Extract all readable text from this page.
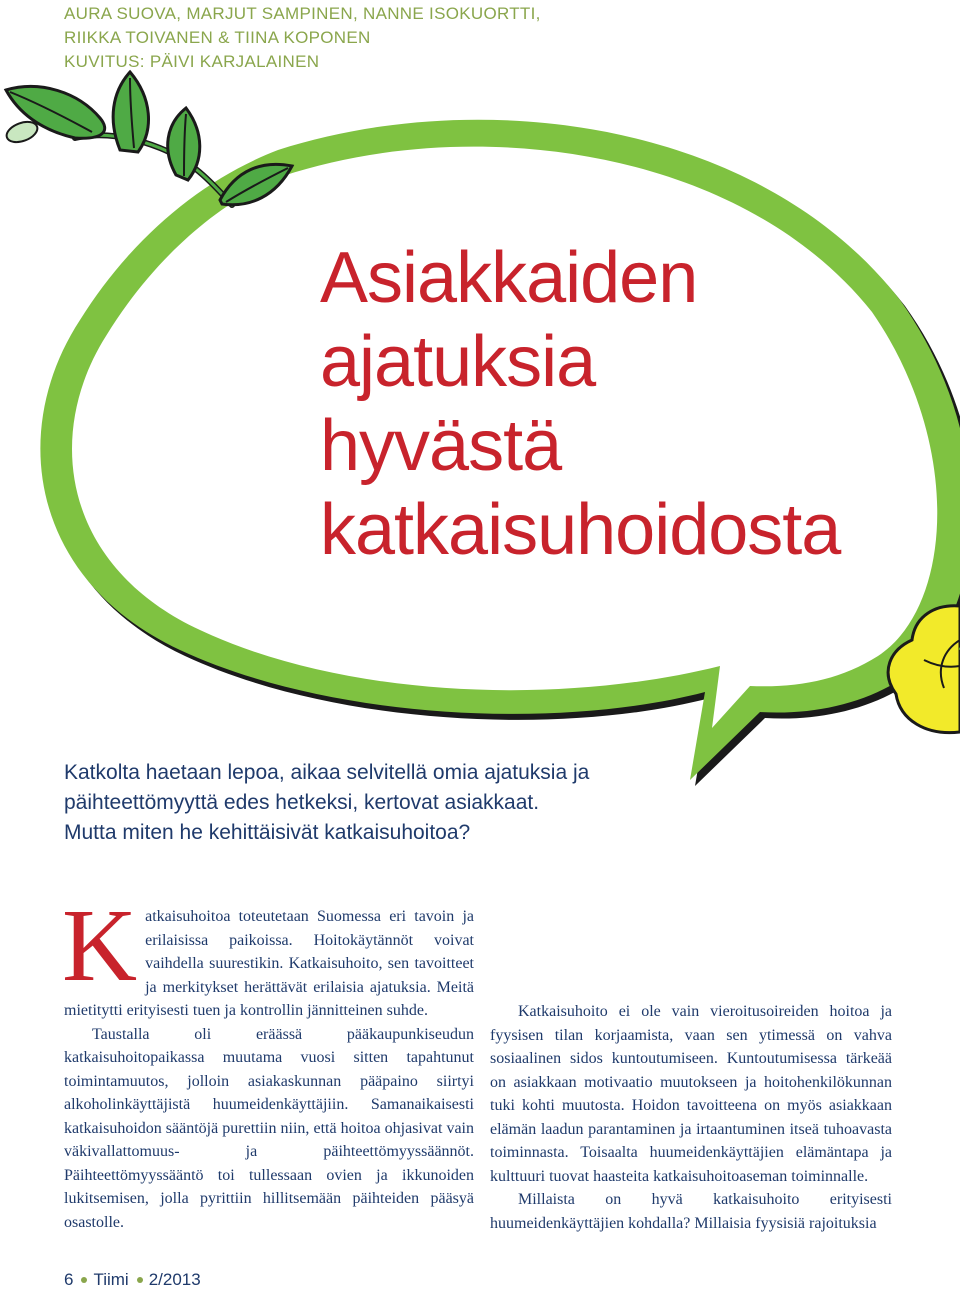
AURA SUOVA, MARJUT SAMPINEN, NANNE ISOKUORTTI,
RIIKKA TOIVANEN & TIINA KOPONEN
KUVITUS: PÄIVI KARJALAINEN
Asiakkaiden
ajatuksia
hyvästä
katkaisuhoidosta
Katkolta haetaan lepoa, aikaa selvitellä omia ajatuksia ja
päihteettömyyttä edes hetkeksi, kertovat asiakkaat.
Mutta miten he kehittäisivät katkaisuhoitoa?
K atkaisuhoitoa toteutetaan Suomessa eri tavoin ja erilaisissa paikoissa. Hoitokäytännöt voivat vaihdella suurestikin. Katkaisuhoito, sen tavoitteet ja merkitykset herättävät erilaisia ajatuksia. Meitä mietitytti erityisesti tuen ja kontrollin jännitteinen suhde.

Taustalla oli eräässä pääkaupunkiseudun katkaisuhoitopaikassa muutama vuosi sitten tapahtunut toimintamuutos, jolloin asiakaskunnan pääpaino siirtyi alkoholinkäyttäjistä huumeidenkäyttäjiin. Samanaikaisesti katkaisuhoidon sääntöjä purettiin niin, että hoitoa ohjasivat vain väkivallattomuus- ja päihteettömyyssäännöt. Päihteettömyyssääntö toi tullessaan ovien ja ikkunoiden lukitsemisen, jolla pyrittiin hillitsemään päihteiden pääsyä osastolle.

Katkaisuhoito ei ole vain vieroitusoireiden hoitoa ja fyysisen tilan korjaamista, vaan sen ytimessä on vahva sosiaalinen sidos kuntoutumiseen. Kuntoutumisessa tärkeää on asiakkaan motivaatio muutokseen ja hoitohenkilökunnan tuki kohti muutosta. Hoidon tavoitteena on myös asiakkaan elämän laadun parantaminen ja irtaantuminen itseä tuhoavasta toiminnasta. Toisaalta huumeidenkäyttäjien elämäntapa ja kulttuuri tuovat haasteita katkaisuhoitoaseman toiminnalle.

Millaista on hyvä katkaisuhoito erityisesti huumeidenkäyttäjien kohdalla? Millaisia fyysisiä rajoituksia

6 Tiimi 2/2013
